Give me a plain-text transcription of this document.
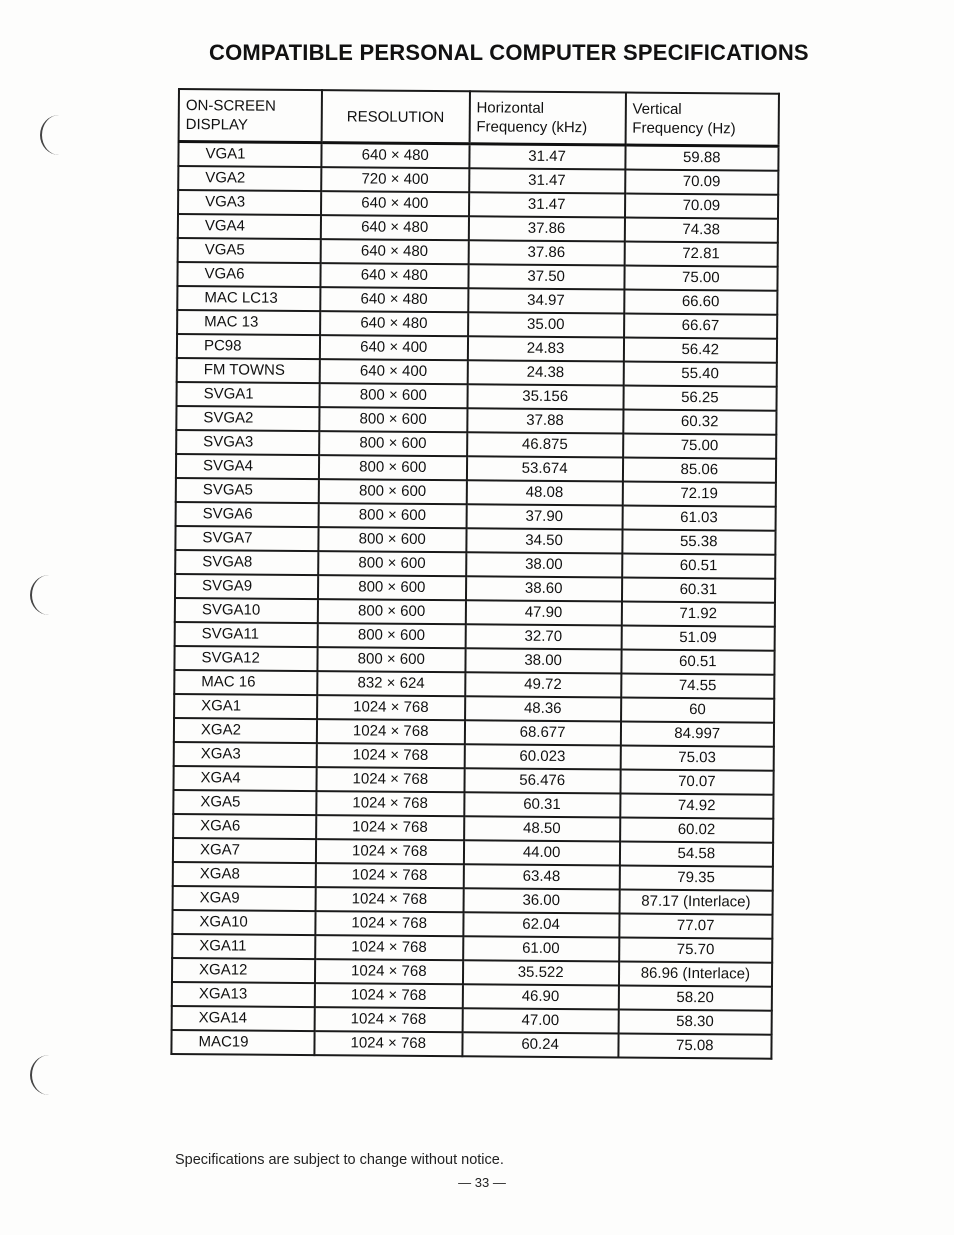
COMPATIBLE PERSONAL COMPUTER SPECIFICATIONS
ON-SCREEN DISPLAY	RESOLUTION	Horizontal Frequency (kHz)	Vertical Frequency (Hz)
VGA1	640 × 480	31.47	59.88
VGA2	720 × 400	31.47	70.09
VGA3	640 × 400	31.47	70.09
VGA4	640 × 480	37.86	74.38
VGA5	640 × 480	37.86	72.81
VGA6	640 × 480	37.50	75.00
MAC LC13	640 × 480	34.97	66.60
MAC 13	640 × 480	35.00	66.67
PC98	640 × 400	24.83	56.42
FM TOWNS	640 × 400	24.38	55.40
SVGA1	800 × 600	35.156	56.25
SVGA2	800 × 600	37.88	60.32
SVGA3	800 × 600	46.875	75.00
SVGA4	800 × 600	53.674	85.06
SVGA5	800 × 600	48.08	72.19
SVGA6	800 × 600	37.90	61.03
SVGA7	800 × 600	34.50	55.38
SVGA8	800 × 600	38.00	60.51
SVGA9	800 × 600	38.60	60.31
SVGA10	800 × 600	47.90	71.92
SVGA11	800 × 600	32.70	51.09
SVGA12	800 × 600	38.00	60.51
MAC 16	832 × 624	49.72	74.55
XGA1	1024 × 768	48.36	60
XGA2	1024 × 768	68.677	84.997
XGA3	1024 × 768	60.023	75.03
XGA4	1024 × 768	56.476	70.07
XGA5	1024 × 768	60.31	74.92
XGA6	1024 × 768	48.50	60.02
XGA7	1024 × 768	44.00	54.58
XGA8	1024 × 768	63.48	79.35
XGA9	1024 × 768	36.00	87.17 (Interlace)
XGA10	1024 × 768	62.04	77.07
XGA11	1024 × 768	61.00	75.70
XGA12	1024 × 768	35.522	86.96 (Interlace)
XGA13	1024 × 768	46.90	58.20
XGA14	1024 × 768	47.00	58.30
MAC19	1024 × 768	60.24	75.08
Specifications are subject to change without notice.
— 33 —
